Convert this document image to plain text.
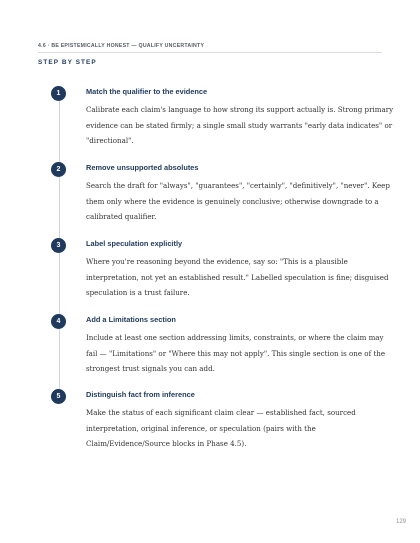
4.6 · BE EPISTEMICALLY HONEST — QUALIFY UNCERTAINTY
STEP BY STEP
1	Match the qualifier to the evidence

Calibrate each claim's language to how strong its support actually is. Strong primary
evidence can be stated firmly; a single small study warrants "early data indicates" or
"directional".

2	Remove unsupported absolutes

Search the draft for "always", "guarantees", "certainly", "definitively", "never". Keep
them only where the evidence is genuinely conclusive; otherwise downgrade to a
calibrated qualifier.

3	Label speculation explicitly

Where you're reasoning beyond the evidence, say so: "This is a plausible
interpretation, not yet an established result." Labelled speculation is fine; disguised
speculation is a trust failure.

4	Add a Limitations section

Include at least one section addressing limits, constraints, or where the claim may
fail — "Limitations" or "Where this may not apply". This single section is one of the
strongest trust signals you can add.

5	Distinguish fact from inference

Make the status of each significant claim clear — established fact, sourced
interpretation, original inference, or speculation (pairs with the
Claim/Evidence/Source blocks in Phase 4.5).

129
